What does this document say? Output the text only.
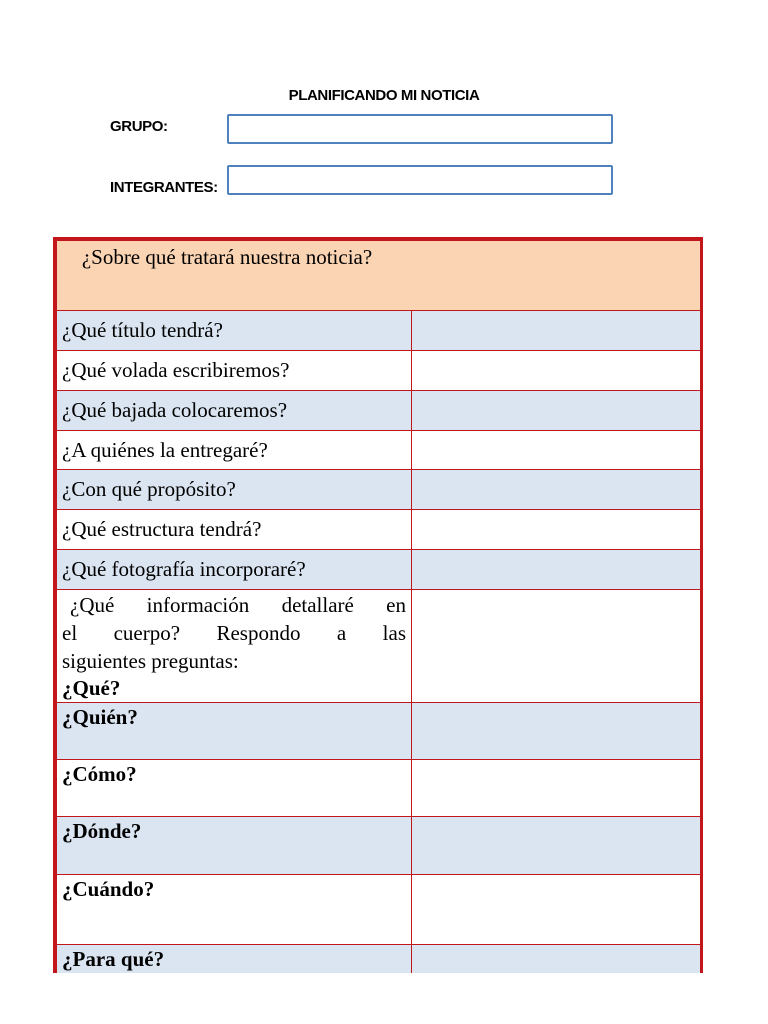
PLANIFICANDO MI NOTICIA
GRUPO:
INTEGRANTES:
¿Sobre qué tratará nuestra noticia?	

¿Qué título tendrá?	
¿Qué volada escribiremos?	
¿Qué bajada colocaremos?	
¿A quiénes la entregaré?	
¿Con qué propósito?	
¿Qué estructura tendrá?	
¿Qué fotografía incorporaré?	

¿Qué información detallaré en
el cuerpo? Respondo a las
siguientes preguntas:
¿Qué?	

¿Quién?	
¿Cómo?	
¿Dónde?	
¿Cuándo?	
¿Para qué?	
